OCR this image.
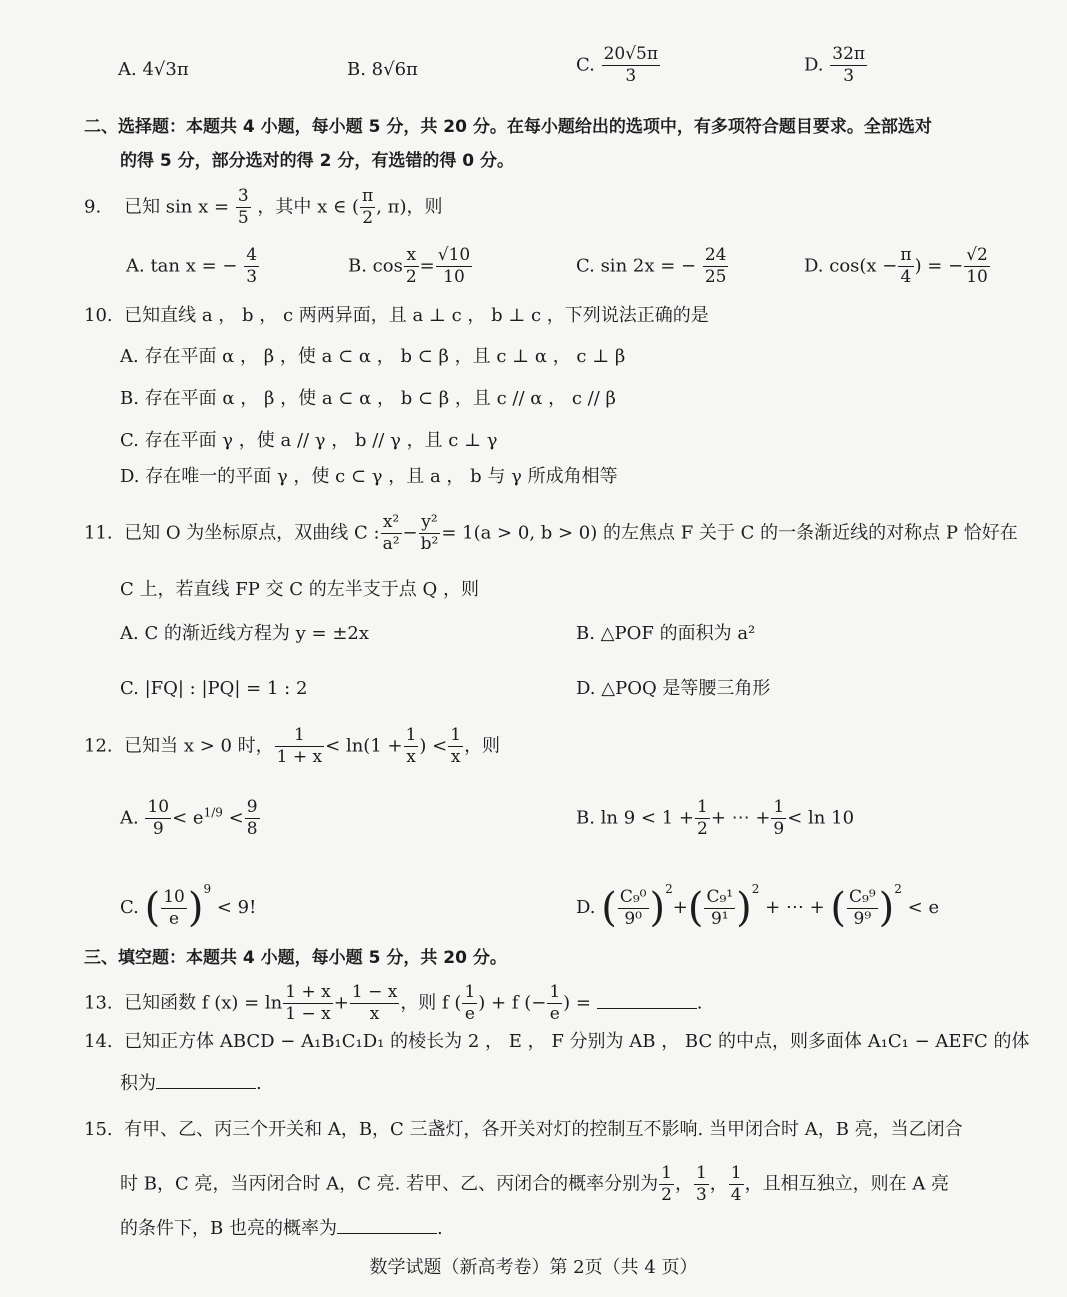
A. 4√3π	B. 8√6π	C. $\frac{20√5\pi}{3}$	D. $\frac{32\pi}{3}$
二、选择题：本题共 4 小题，每小题 5 分，共 20 分。在每小题给出的选项中，有多项符合题目要求。全部选对
的得 5 分，部分选对的得 2 分，有选错的得 0 分。
9. 已知 $\sin x = \frac{3}{5}$ ，其中 x ∈ ( $\frac{\pi}{2}$ , π)，则
A. tan x = − $\frac{4}{3}$	B. $\cos \frac{x}{2} = \frac{√10}{10}$	C. sin 2x = − $\frac{24}{25}$	D. $\cos(x - \frac{\pi}{4}$ ) = − $\frac{√2}{10}$
10. 已知直线 a ， b ， c 两两异面，且 a ⊥ c ， b ⊥ c ，下列说法正确的是
A. 存在平面 α ， β ，使 a ⊂ α ， b ⊂ β ，且 c ⊥ α ， c ⊥ β
B. 存在平面 α ， β ，使 a ⊂ α ， b ⊂ β ，且 c // α ， c // β
C. 存在平面 γ ，使 a // γ ， b // γ ，且 c ⊥ γ
D. 存在唯一的平面 γ ，使 c ⊂ γ ，且 a ， b 与 γ 所成角相等
11. 已知 O 为坐标原点，双曲线 C : $\frac{\text{x²}}{\text{a²}} - \frac{\text{y²}}{\text{b²}} = 1(a > 0$, b > 0) 的左焦点 F 关于 C 的一条渐近线的对称点 P 恰好在
C 上，若直线 FP 交 C 的左半支于点 Q ，则
A. C 的渐近线方程为 y = ±2x	B. △POF 的面积为 a²
C. |FQ| : |PQ| = 1 : 2	D. △POQ 是等腰三角形
12. 已知当 x > 0 时， $\frac{1}{1 + x} < \ln(1 + \frac{1}{x}$ ) < $\frac{1}{x}$ ，则
A. $\frac{10}{9} < e^{1/9} < \frac{9}{8}$	B. $\ln 9 < 1 + \frac{1}{2}$ + ⋯ + $\frac{1}{9} < \ln 10$
C. ( $\frac{10}{e} )^9 < 9$!	D. ( $\frac{\text{C₉⁰}}{\text{9⁰}} )^2+( \frac{\text{C₉¹}}{\text{9¹}} )^2$ + ⋯ + ( $\frac{\text{C₉⁹}}{\text{9⁹}} )^2 < e$
三、填空题：本题共 4 小题，每小题 5 分，共 20 分。
13. 已知函数 f $(x) = \ln \frac{1 + x}{1 - x} + \frac{1 - x}{x}$ ，则 f ( $\frac{1}{e}$ ) + f (− $\frac{1}{e}$ ) =	.
14. 已知正方体 ABCD − A₁B₁C₁D₁ 的棱长为 2 ， E ， F 分别为 AB ， BC 的中点，则多面体 A₁C₁ − AEFC 的体
积为	.
15. 有甲、乙、丙三个开关和 A，B，C 三盏灯，各开关对灯的控制互不影响. 当甲闭合时 A，B 亮，当乙闭合
时 B，C 亮，当丙闭合时 A，C 亮. 若甲、乙、丙闭合的概率分别为 $\frac{1}{2}$ ， $\frac{1}{3}$ ， $\frac{1}{4}$ ，且相互独立，则在 A 亮
的条件下，B 也亮的概率为	.
数学试题（新高考卷）第 2页（共 4 页）
